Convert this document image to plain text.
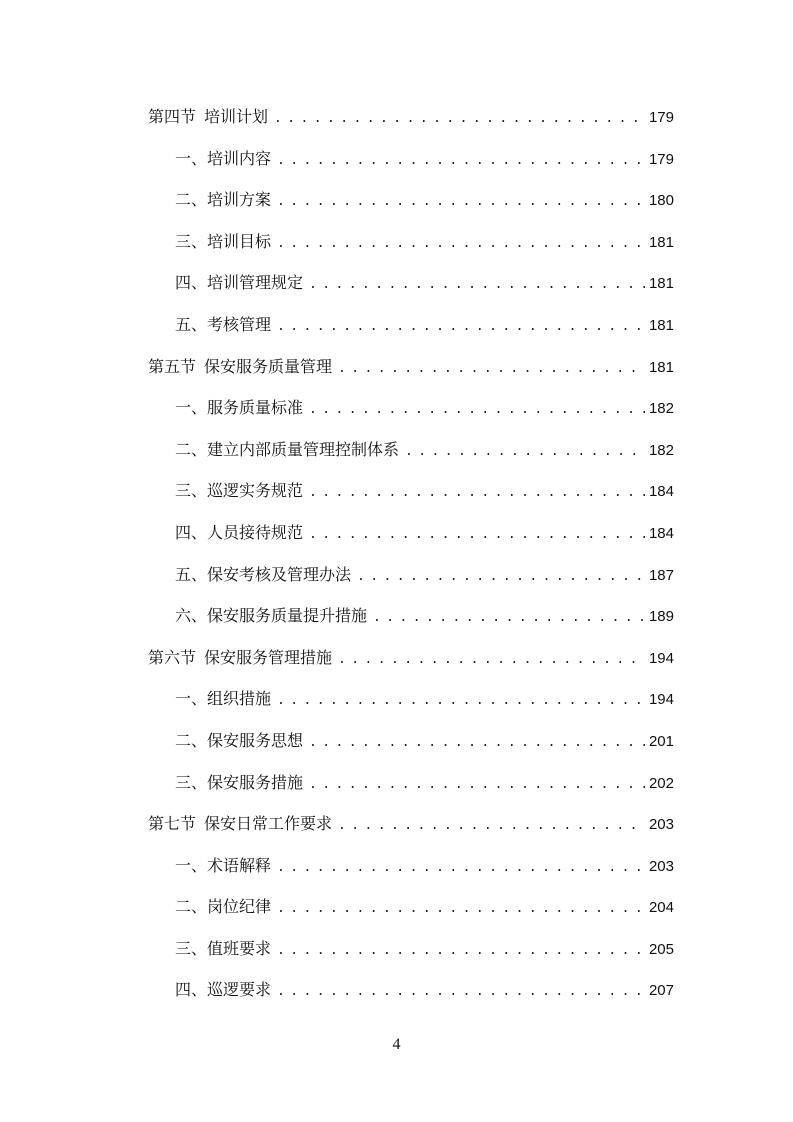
第四节 培训计划 . . .	179
一、培训内容 . . .	179
二、培训方案 . . .	180
三、培训目标 . . .	181
四、培训管理规定 . . .	181
五、考核管理 . . .	181
第五节 保安服务质量管理 . . .	181
一、服务质量标准 . . .	182
二、建立内部质量管理控制体系 . . .	182
三、巡逻实务规范 . . .	184
四、人员接待规范 . . .	184
五、保安考核及管理办法 . . .	187
六、保安服务质量提升措施 . . .	189
第六节 保安服务管理措施 . . .	194
一、组织措施 . . .	194
二、保安服务思想 . . .	201
三、保安服务措施 . . .	202
第七节 保安日常工作要求 . . .	203
一、术语解释 . . .	203
二、岗位纪律 . . .	204
三、值班要求 . . .	205
四、巡逻要求 . . .	207
4
